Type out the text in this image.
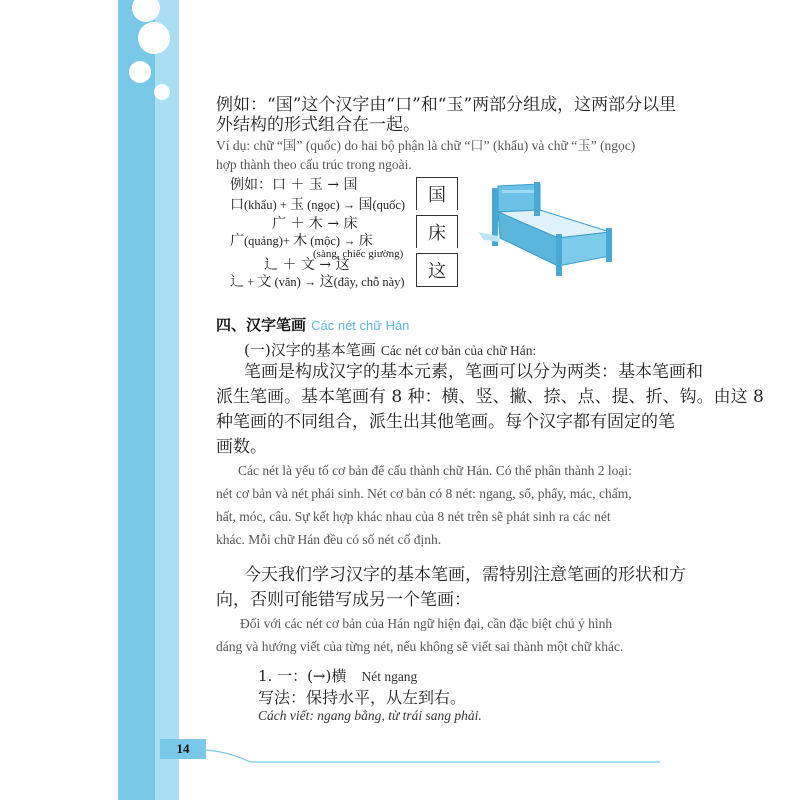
例如：“国”这个汉字由“口”和“玉”两部分组成，这两部分以里
外结构的形式组合在一起。
Ví dụ: chữ “国” (quốc) do hai bộ phận là chữ “口” (khẩu) và chữ “玉” (ngọc)
hợp thành theo cấu trúc trong ngoài.
例如：口 ＋ 玉 → 国
口(khẩu) + 玉 (ngọc) → 国(quốc)
广 ＋ 木 → 床
广(quảng)+ 木 (mộc) → 床
(sàng, chiếc giường)
辶 ＋ 文 → 这
辶 + 文 (văn) → 这(đây, chỗ này)
国
床
这
四、汉字笔画 Các nét chữ Hán
(一)汉字的基本笔画 Các nét cơ bản của chữ Hán:
笔画是构成汉字的基本元素，笔画可以分为两类：基本笔画和
派生笔画。基本笔画有 8 种：横、竖、撇、捺、点、提、折、钩。由这 8
种笔画的不同组合，派生出其他笔画。每个汉字都有固定的笔
画数。
Các nét là yếu tố cơ bản để cấu thành chữ Hán. Có thể phân thành 2 loại:
nét cơ bản và nét phái sinh. Nét cơ bản có 8 nét: ngang, sổ, phẩy, mác, chấm,
hất, móc, câu. Sự kết hợp khác nhau của 8 nét trên sẽ phát sinh ra các nét
khác. Mỗi chữ Hán đều có số nét cố định.
今天我们学习汉字的基本笔画，需特别注意笔画的形状和方
向，否则可能错写成另一个笔画：
Đối với các nét cơ bản của Hán ngữ hiện đại, cần đặc biệt chú ý hình
dáng và hướng viết của từng nét, nếu không sẽ viết sai thành một chữ khác.
1. 一：(→)横 Nét ngang
写法：保持水平，从左到右。
Cách viết: ngang bằng, từ trái sang phải.
14
